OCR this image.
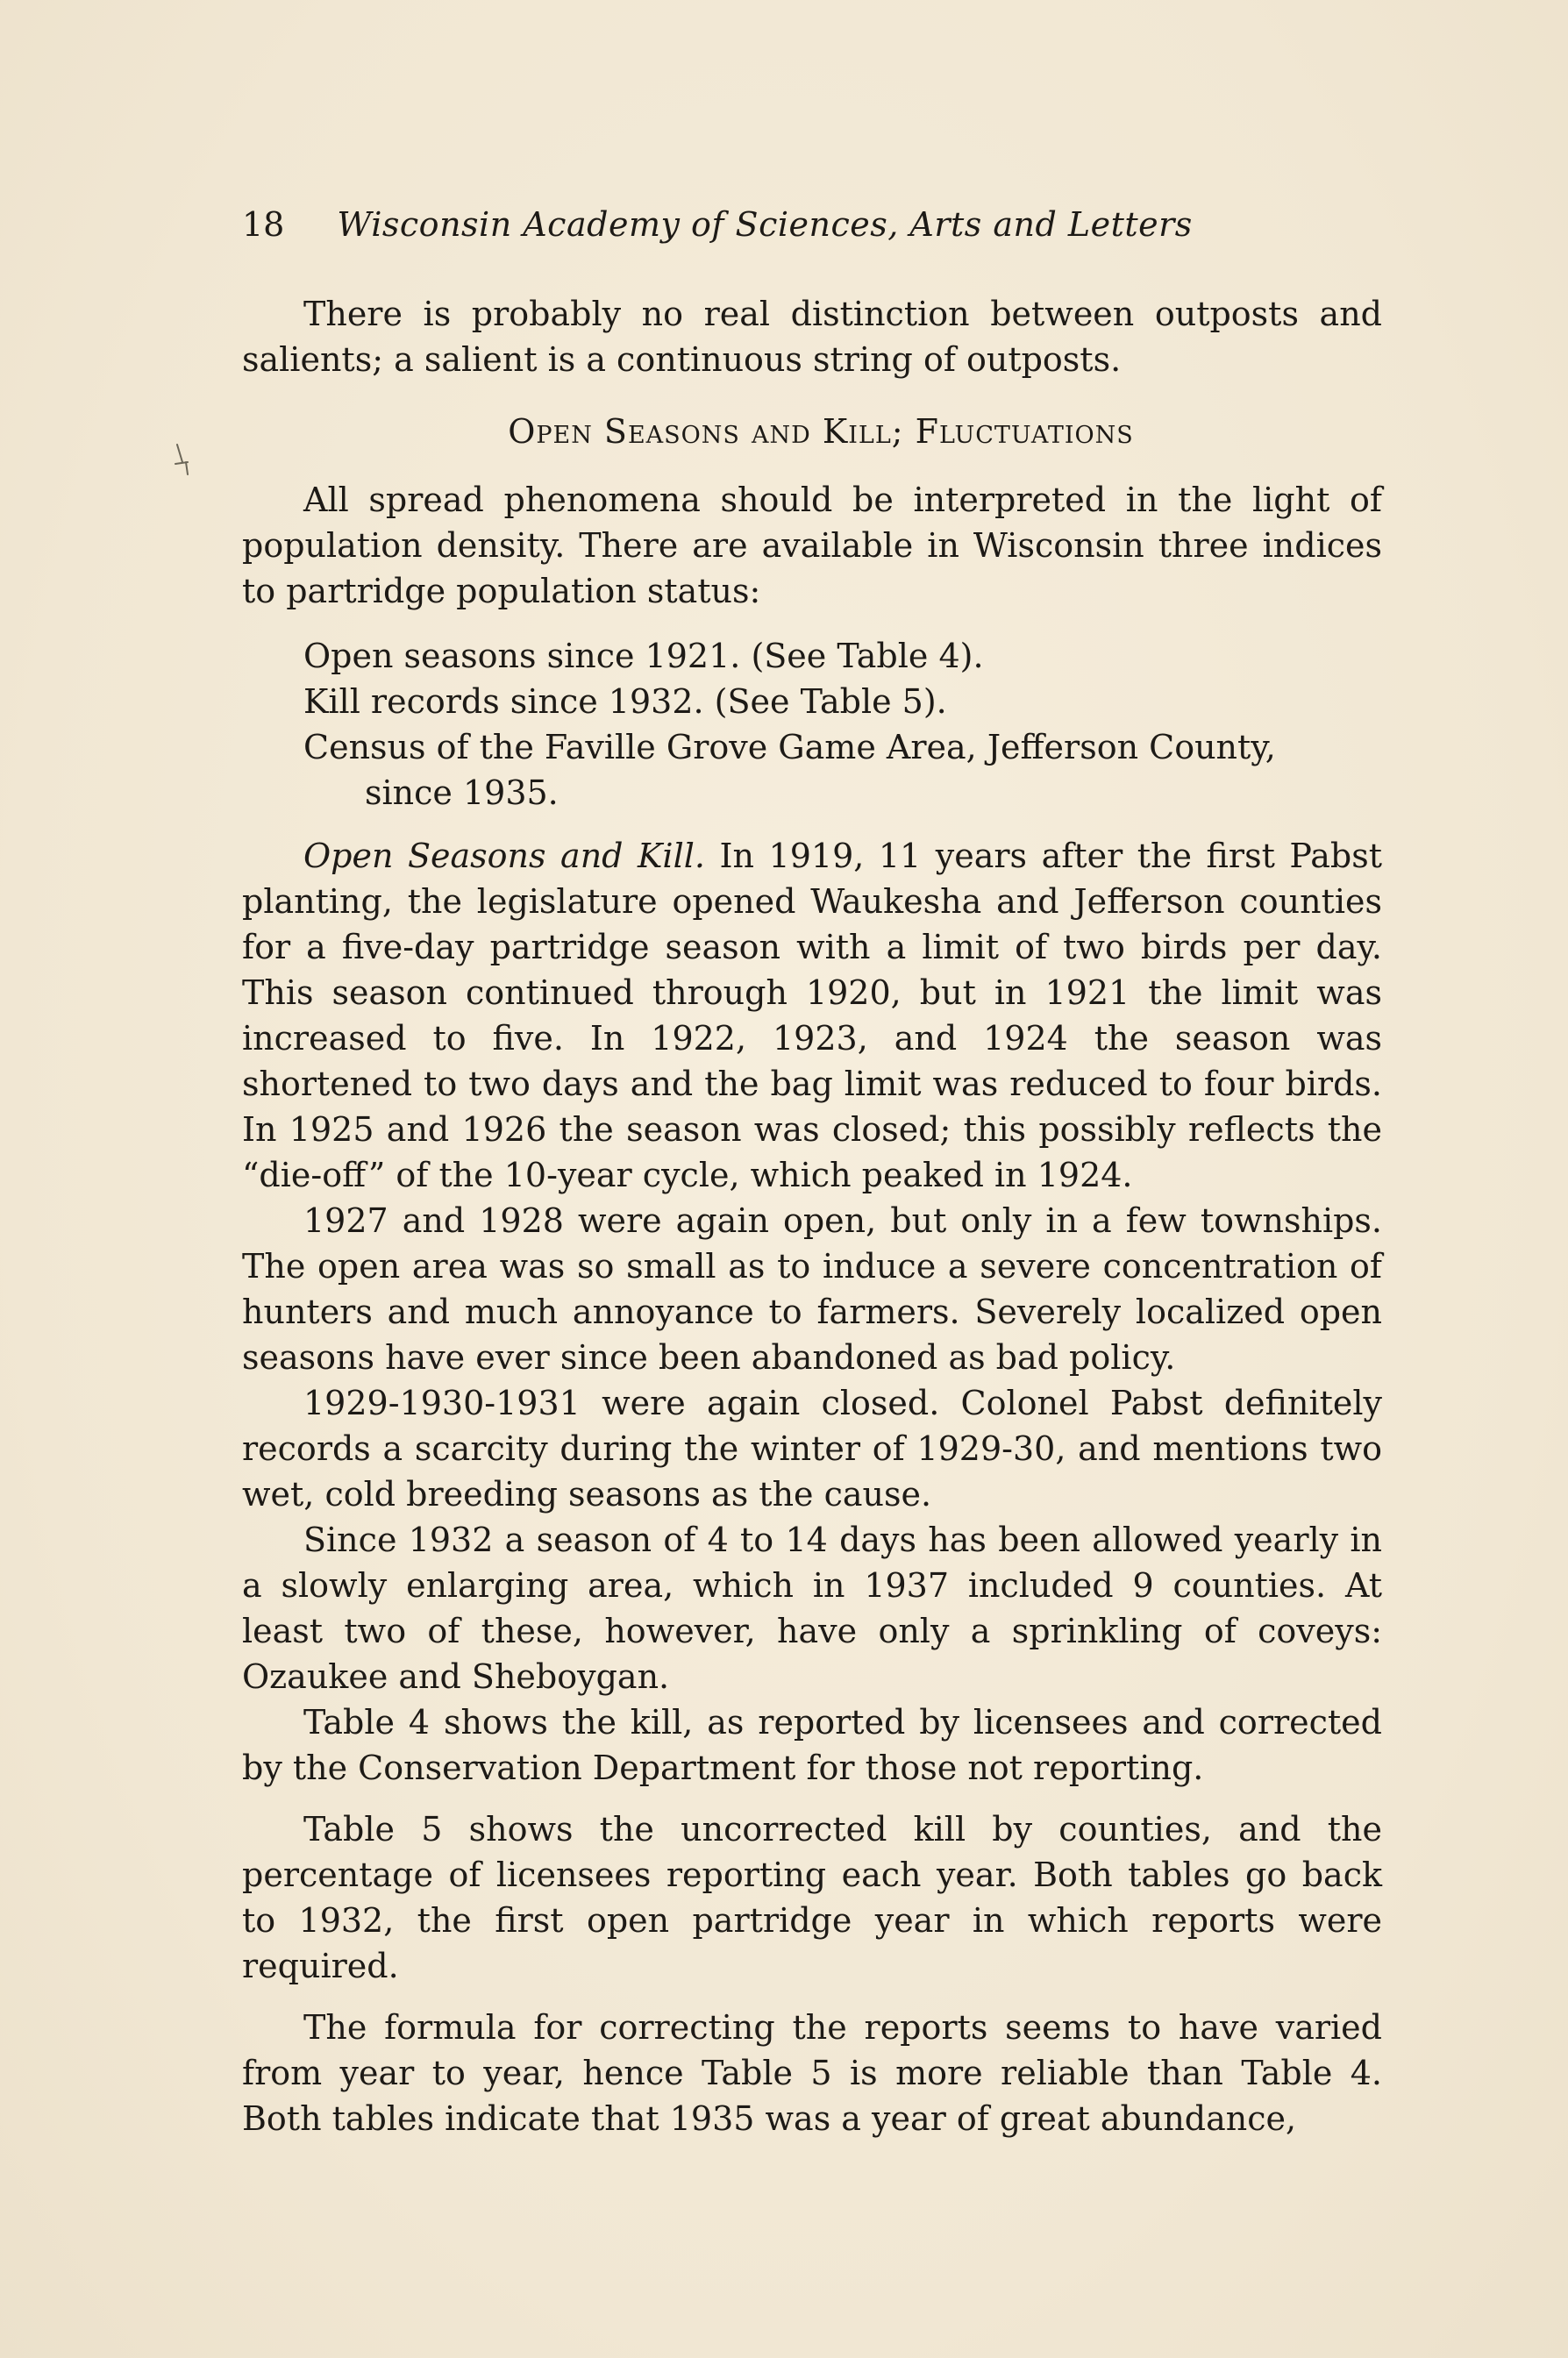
18 Wisconsin Academy of Sciences, Arts and Letters

There is probably no real distinction between outposts and salients; a salient is a continuous string of outposts.

Open Seasons and Kill; Fluctuations

All spread phenomena should be interpreted in the light of population density. There are available in Wisconsin three indices to partridge population status:

Open seasons since 1921. (See Table 4).
Kill records since 1932. (See Table 5).
Census of the Faville Grove Game Area, Jefferson County,
since 1935.

Open Seasons and Kill. In 1919, 11 years after the first Pabst planting, the legislature opened Waukesha and Jefferson counties for a five-day partridge season with a limit of two birds per day. This season continued through 1920, but in 1921 the limit was increased to five. In 1922, 1923, and 1924 the season was shortened to two days and the bag limit was reduced to four birds. In 1925 and 1926 the season was closed; this possibly reflects the “die-off” of the 10-year cycle, which peaked in 1924.

1927 and 1928 were again open, but only in a few townships. The open area was so small as to induce a severe concentration of hunters and much annoyance to farmers. Severely localized open seasons have ever since been abandoned as bad policy.

1929-1930-1931 were again closed. Colonel Pabst definitely records a scarcity during the winter of 1929-30, and mentions two wet, cold breeding seasons as the cause.

Since 1932 a season of 4 to 14 days has been allowed yearly in a slowly enlarging area, which in 1937 included 9 counties. At least two of these, however, have only a sprinkling of coveys: Ozaukee and Sheboygan.

Table 4 shows the kill, as reported by licensees and corrected by the Conservation Department for those not reporting.

Table 5 shows the uncorrected kill by counties, and the percentage of licensees reporting each year. Both tables go back to 1932, the first open partridge year in which reports were required.

The formula for correcting the reports seems to have varied from year to year, hence Table 5 is more reliable than Table 4. Both tables indicate that 1935 was a year of great abundance,
